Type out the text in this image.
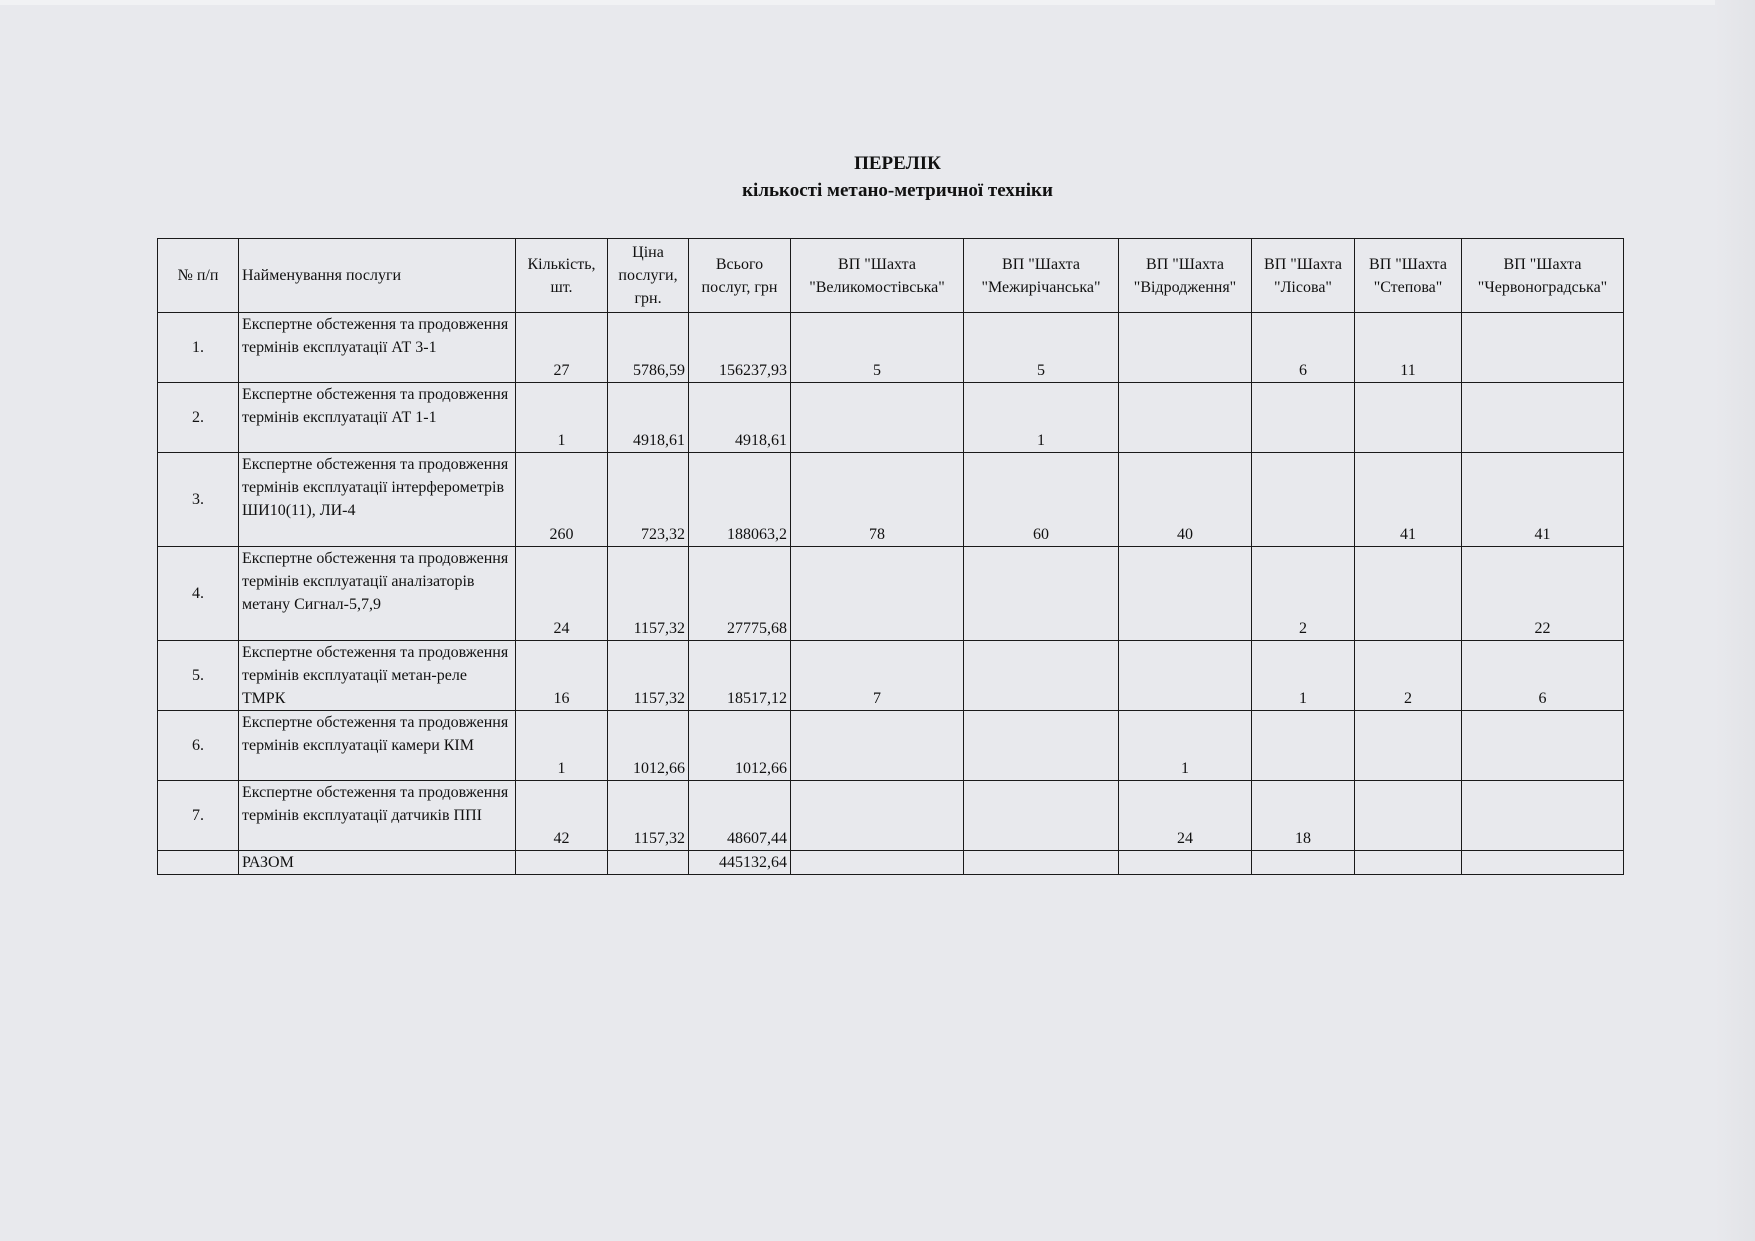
ПЕРЕЛІК
кількості метано-метричної техніки
№ п/п	Найменування послуги	Кількість, шт.	Ціна послуги, грн.	Всього послуг, грн	ВП "Шахта "Великомостівська"	ВП "Шахта "Межирічанська"	ВП "Шахта "Відродження"	ВП "Шахта "Лісова"	ВП "Шахта "Степова"	ВП "Шахта "Червоноградська"
1.	Експертне обстеження та продовження термінів експлуатації АТ 3-1	27	5786,59	156237,93	5	5		6	11	
2.	Експертне обстеження та продовження термінів експлуатації АТ 1-1	1	4918,61	4918,61		1				
3.	Експертне обстеження та продовження термінів експлуатації інтерферометрів ШИ10(11), ЛИ-4	260	723,32	188063,2	78	60	40		41	41
4.	Експертне обстеження та продовження термінів експлуатації аналізаторів метану Сигнал-5,7,9	24	1157,32	27775,68				2		22
5.	Експертне обстеження та продовження термінів експлуатації метан-реле ТМРК	16	1157,32	18517,12	7			1	2	6
6.	Експертне обстеження та продовження термінів експлуатації камери КІМ	1	1012,66	1012,66			1			
7.	Експертне обстеження та продовження термінів експлуатації датчиків ППІ	42	1157,32	48607,44			24	18		
	РАЗОМ			445132,64						
